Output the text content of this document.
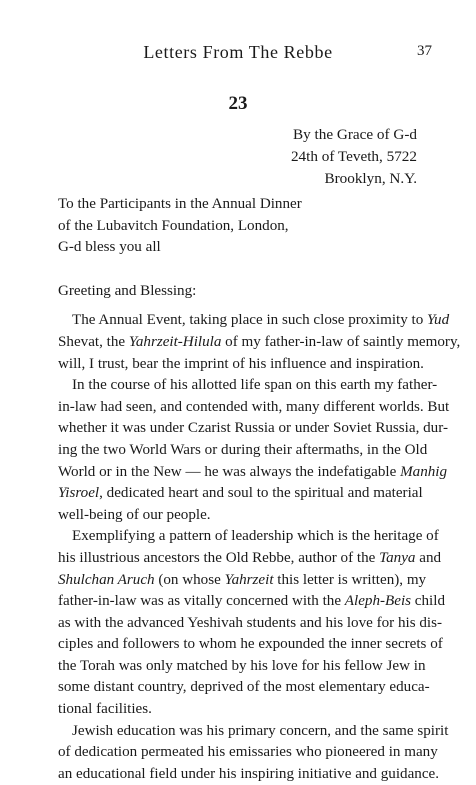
Letters From The Rebbe	37
23
By the Grace of G-d
24th of Teveth, 5722
Brooklyn, N.Y.
To the Participants in the Annual Dinner
of the Lubavitch Foundation, London,
G-d bless you all
Greeting and Blessing:
The Annual Event, taking place in such close proximity to Yud
Shevat, the Yahrzeit-Hilula of my father-in-law of saintly memory,
will, I trust, bear the imprint of his influence and inspiration.
In the course of his allotted life span on this earth my father-
in-law had seen, and contended with, many different worlds. But
whether it was under Czarist Russia or under Soviet Russia, dur-
ing the two World Wars or during their aftermaths, in the Old
World or in the New — he was always the indefatigable Manhig
Yisroel, dedicated heart and soul to the spiritual and material
well-being of our people.
Exemplifying a pattern of leadership which is the heritage of
his illustrious ancestors the Old Rebbe, author of the Tanya and
Shulchan Aruch (on whose Yahrzeit this letter is written), my
father-in-law was as vitally concerned with the Aleph-Beis child
as with the advanced Yeshivah students and his love for his dis-
ciples and followers to whom he expounded the inner secrets of
the Torah was only matched by his love for his fellow Jew in
some distant country, deprived of the most elementary educa-
tional facilities.
Jewish education was his primary concern, and the same spirit
of dedication permeated his emissaries who pioneered in many
an educational field under his inspiring initiative and guidance.
